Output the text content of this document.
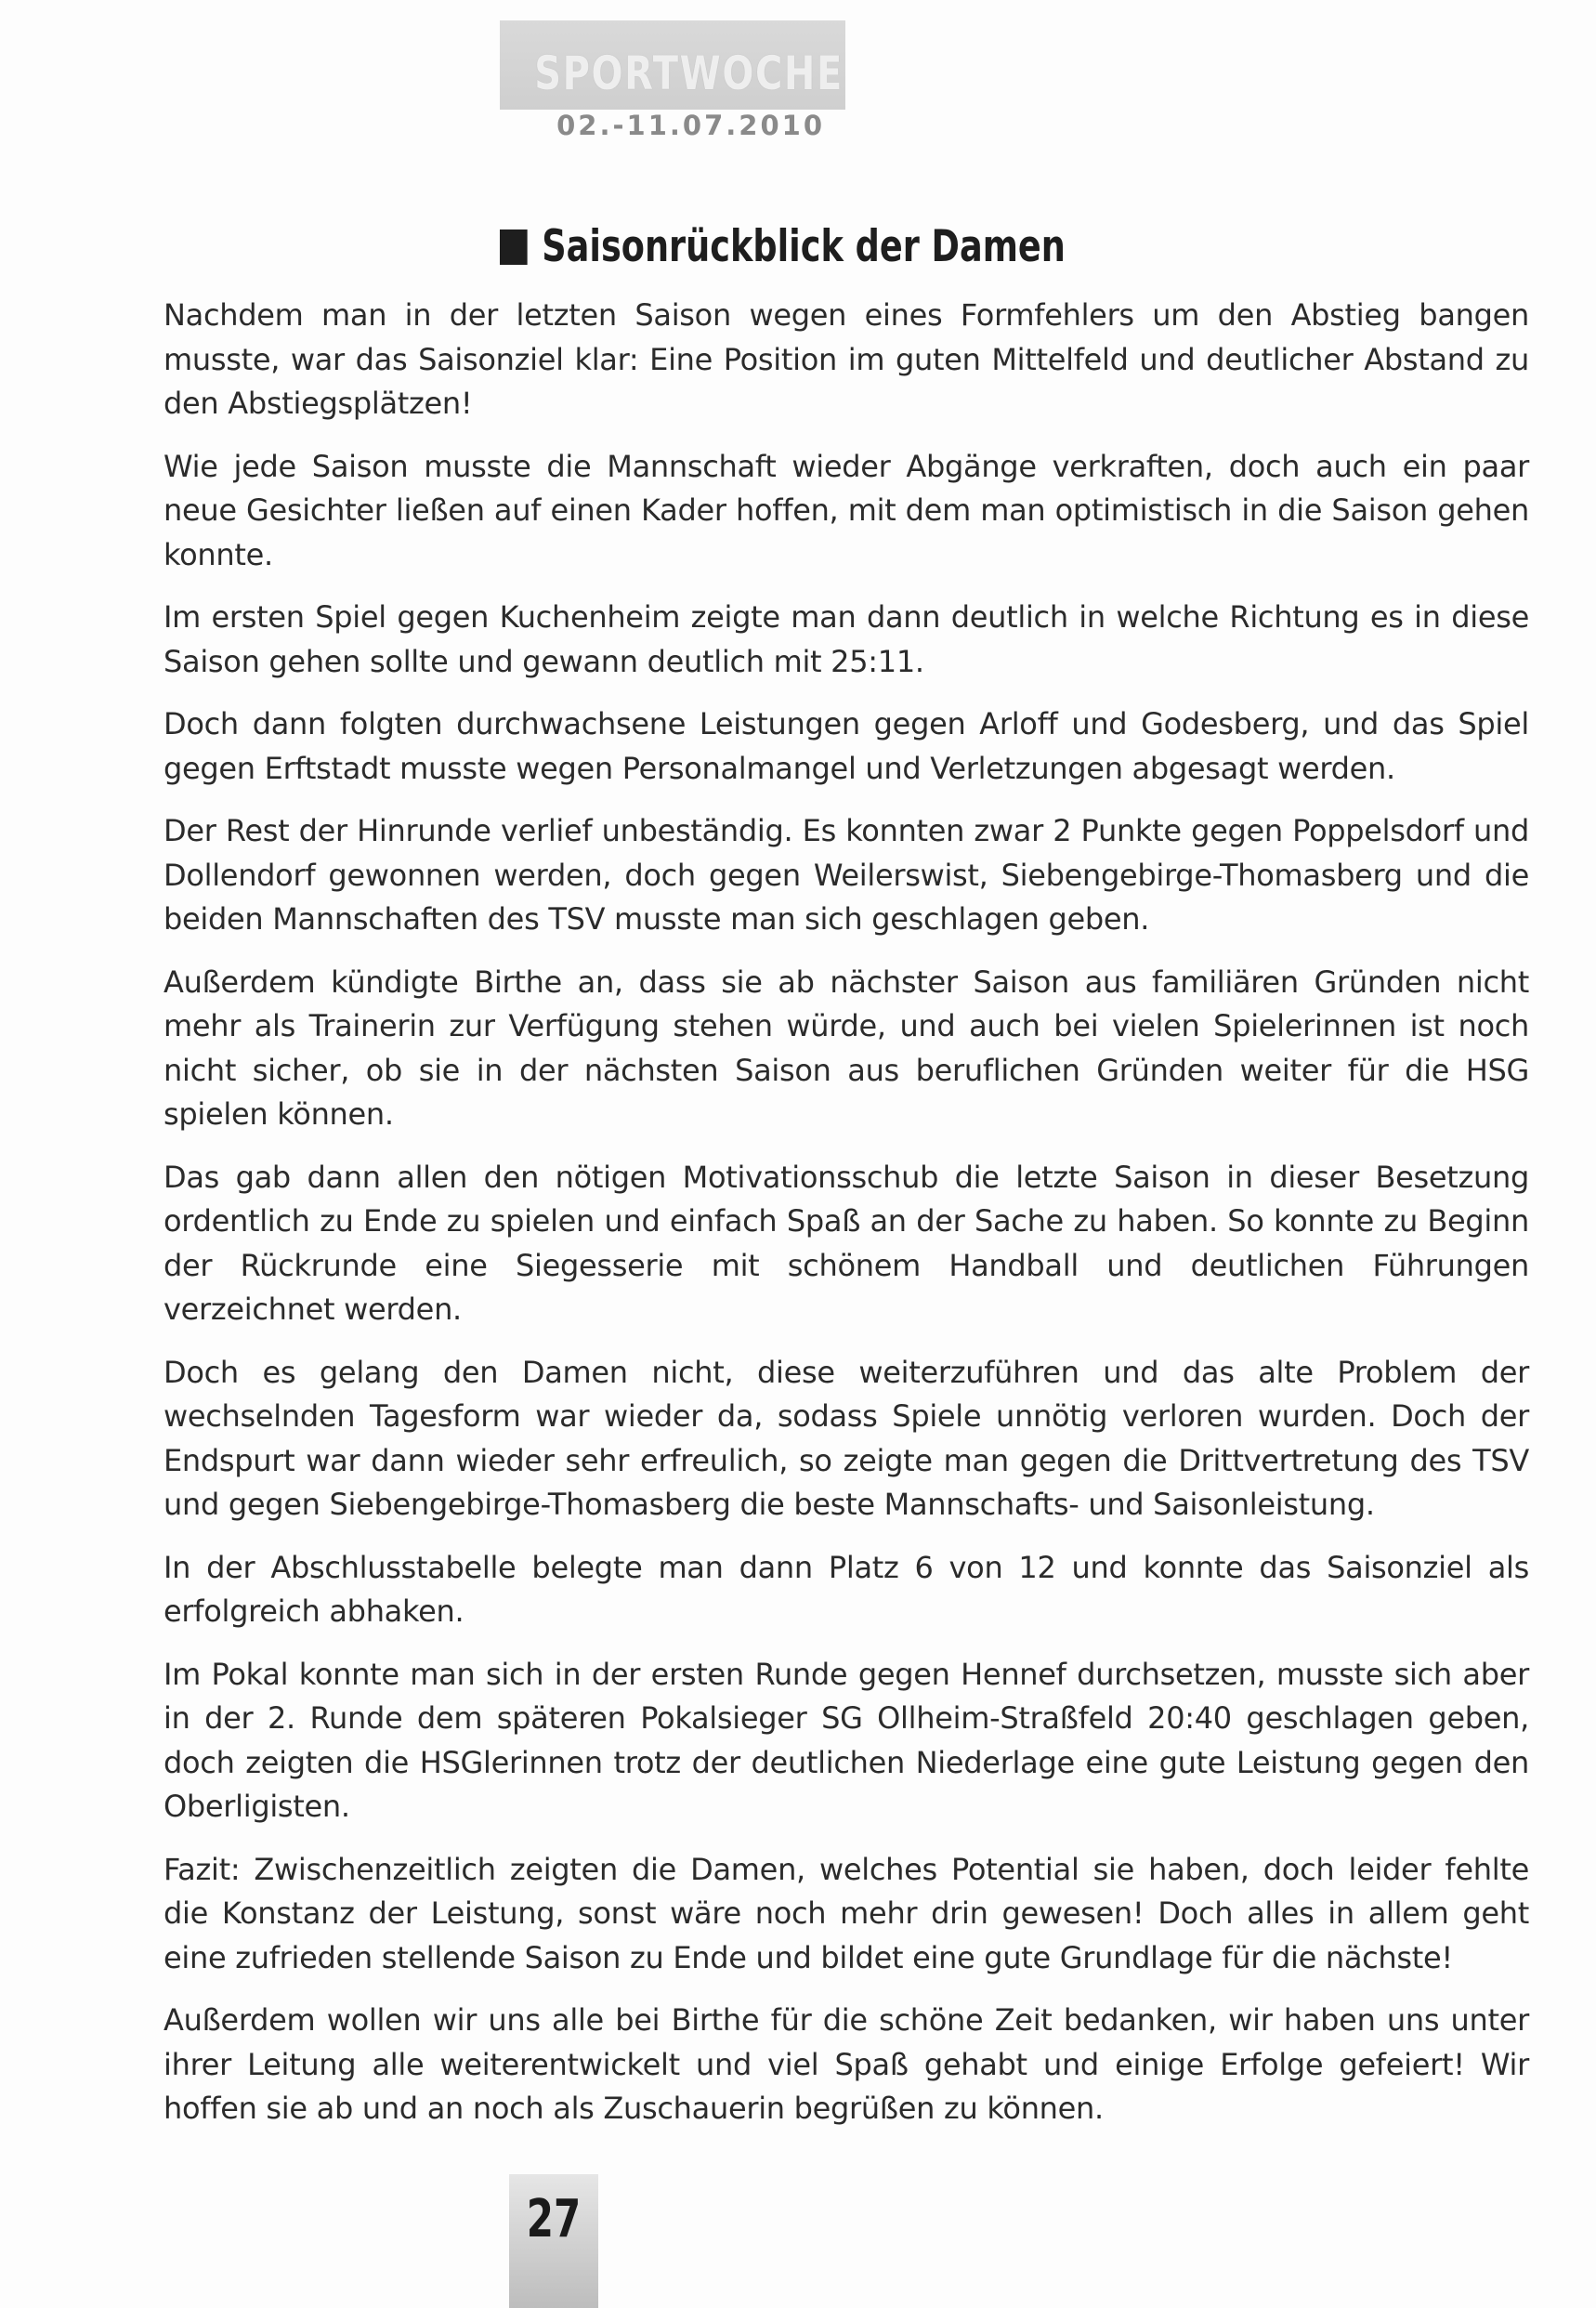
SPORTWOCHE
02.-11.07.2010
Saisonrückblick der Damen

Nachdem man in der letzten Saison wegen eines Formfehlers um den Abstieg bangen musste, war das Saisonziel klar: Eine Position im guten Mittelfeld und deutlicher Abstand zu den Abstiegsplätzen!

Wie jede Saison musste die Mannschaft wieder Abgänge verkraften, doch auch ein paar neue Gesichter ließen auf einen Kader hoffen, mit dem man optimistisch in die Saison gehen konnte.

Im ersten Spiel gegen Kuchenheim zeigte man dann deutlich in welche Richtung es in diese Saison gehen sollte und gewann deutlich mit 25:11.

Doch dann folgten durchwachsene Leistungen gegen Arloff und Godesberg, und das Spiel gegen Erftstadt musste wegen Personalmangel und Verletzungen abgesagt werden.

Der Rest der Hinrunde verlief unbeständig. Es konnten zwar 2 Punkte gegen Poppelsdorf und Dollendorf gewonnen werden, doch gegen Weilerswist, Siebengebirge-Thomasberg und die beiden Mannschaften des TSV musste man sich geschlagen geben.

Außerdem kündigte Birthe an, dass sie ab nächster Saison aus familiären Gründen nicht mehr als Trainerin zur Verfügung stehen würde, und auch bei vielen Spielerinnen ist noch nicht sicher, ob sie in der nächsten Saison aus beruflichen Gründen weiter für die HSG spielen können.

Das gab dann allen den nötigen Motivationsschub die letzte Saison in dieser Besetzung ordentlich zu Ende zu spielen und einfach Spaß an der Sache zu haben. So konnte zu Beginn der Rückrunde eine Siegesserie mit schönem Handball und deutlichen Führungen verzeichnet werden.

Doch es gelang den Damen nicht, diese weiterzuführen und das alte Problem der wechselnden Tagesform war wieder da, sodass Spiele unnötig verloren wurden. Doch der Endspurt war dann wieder sehr erfreulich, so zeigte man gegen die Drittvertretung des TSV und gegen Siebengebirge-Thomasberg die beste Mannschafts- und Saisonleistung.

In der Abschlusstabelle belegte man dann Platz 6 von 12 und konnte das Saisonziel als erfolgreich abhaken.

Im Pokal konnte man sich in der ersten Runde gegen Hennef durchsetzen, musste sich aber in der 2. Runde dem späteren Pokalsieger SG Ollheim-Straßfeld 20:40 geschlagen geben, doch zeigten die HSGlerinnen trotz der deutlichen Niederlage eine gute Leistung gegen den Oberligisten.

Fazit: Zwischenzeitlich zeigten die Damen, welches Potential sie haben, doch leider fehlte die Konstanz der Leistung, sonst wäre noch mehr drin gewesen! Doch alles in allem geht eine zufrieden stellende Saison zu Ende und bildet eine gute Grundlage für die nächste!

Außerdem wollen wir uns alle bei Birthe für die schöne Zeit bedanken, wir haben uns unter ihrer Leitung alle weiterentwickelt und viel Spaß gehabt und einige Erfolge gefeiert! Wir hoffen sie ab und an noch als Zuschauerin begrüßen zu können.

27
